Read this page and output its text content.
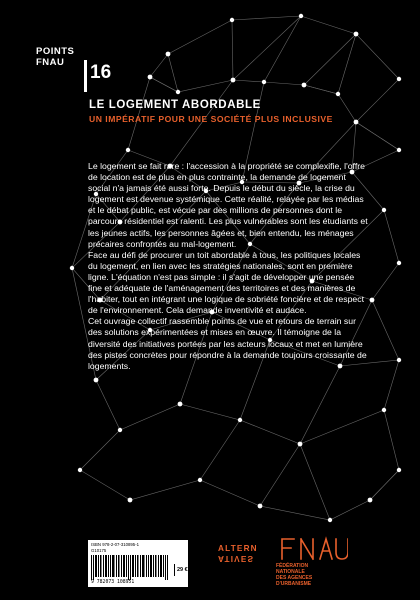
POINTS
FNAU	16
LE LOGEMENT ABORDABLE
UN IMPÉRATIF POUR UNE SOCIÉTÉ PLUS INCLUSIVE

Le logement se fait rare : l'accession à la propriété se complexifie, l'offre de location est de plus en plus contrainte, la demande de logement social n'a jamais été aussi forte. Depuis le début du siècle, la crise du logement est devenue systémique. Cette réalité, relayée par les médias et le débat public, est vécue par des millions de personnes dont le parcours résidentiel est ralenti. Les plus vulnérables sont les étudiants et les jeunes actifs, les personnes âgées et, bien entendu, les ménages précaires confrontés au mal-logement.

Face au défi de procurer un toit abordable à tous, les politiques locales du logement, en lien avec les stratégies nationales, sont en première ligne. L'équation n'est pas simple : il s'agit de développer une pensée fine et adéquate de l'aménagement des territoires et des manières de l'habiter, tout en intégrant une logique de sobriété foncière et de respect de l'environnement. Cela demande inventivité et audace.

Cet ouvrage collectif rassemble points de vue et retours de terrain sur des solutions expérimentées et mises en œuvre. Il témoigne de la diversité des initiatives portées par les acteurs locaux et met en lumière des pistes concrètes pour répondre à la demande toujours croissante de logements.

ISBN 978-2-07-310895-1
G10175
9 782073 108951
29 €
ALTERN
ATIVES
FÉDÉRATION
NATIONALE
DES AGENCES
D'URBANISME
